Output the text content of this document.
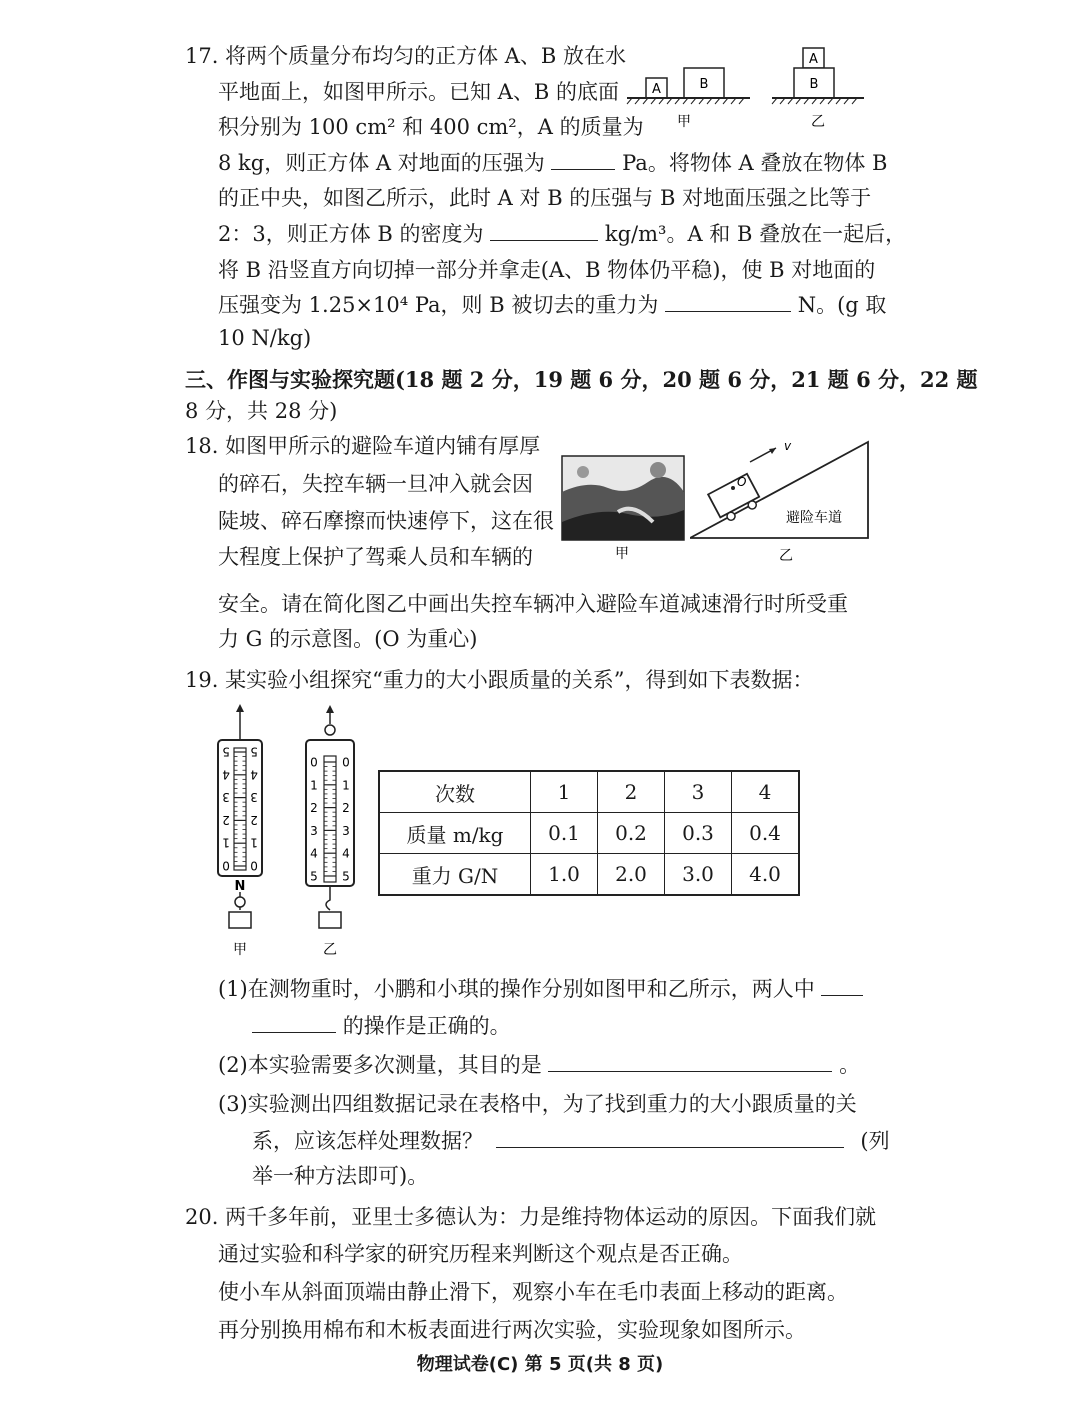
17. 将两个质量分布均匀的正方体 A、B 放在水
平地面上，如图甲所示。已知 A、B 的底面
积分别为 100 cm² 和 400 cm²，A 的质量为
8 kg，则正方体 A 对地面的压强为	Pa。将物体 A 叠放在物体 B
的正中央，如图乙所示，此时 A 对 B 的压强与 B 对地面压强之比等于
2：3，则正方体 B 的密度为	kg/m³。A 和 B 叠放在一起后，
将 B 沿竖直方向切掉一部分并拿走(A、B 物体仍平稳)，使 B 对地面的
压强变为 1.25×10⁴ Pa，则 B 被切去的重力为	N。(g 取
10 N/kg)
A	B
甲
A
B
乙
三、作图与实验探究题(18 题 2 分，19 题 6 分，20 题 6 分，21 题 6 分，22 题
8 分，共 28 分)
18. 如图甲所示的避险车道内铺有厚厚
的碎石，失控车辆一旦冲入就会因
陡坡、碎石摩擦而快速停下，这在很
大程度上保护了驾乘人员和车辆的
安全。请在简化图乙中画出失控车辆冲入避险车道减速滑行时所受重
力 G 的示意图。(O 为重心)
甲
O
v
避险车道
乙
19. 某实验小组探究“重力的大小跟质量的关系”，得到如下表数据：
5 5
4 4
3 3
2 2
1 1
0 0
N
甲
0 0
1 1
2 2
3 3
4 4
5 5
乙
次数	1	2	3	4
质量 m/kg	0.1	0.2	0.3	0.4
重力 G/N	1.0	2.0	3.0	4.0
(1)在测物重时，小鹏和小琪的操作分别如图甲和乙所示，两人中
的操作是正确的。
(2)本实验需要多次测量，其目的是	。
(3)实验测出四组数据记录在表格中，为了找到重力的大小跟质量的关
系，应该怎样处理数据？	(列
举一种方法即可)。
20. 两千多年前，亚里士多德认为：力是维持物体运动的原因。下面我们就
通过实验和科学家的研究历程来判断这个观点是否正确。
使小车从斜面顶端由静止滑下，观察小车在毛巾表面上移动的距离。
再分别换用棉布和木板表面进行两次实验，实验现象如图所示。
物理试卷(C) 第 5 页(共 8 页)
